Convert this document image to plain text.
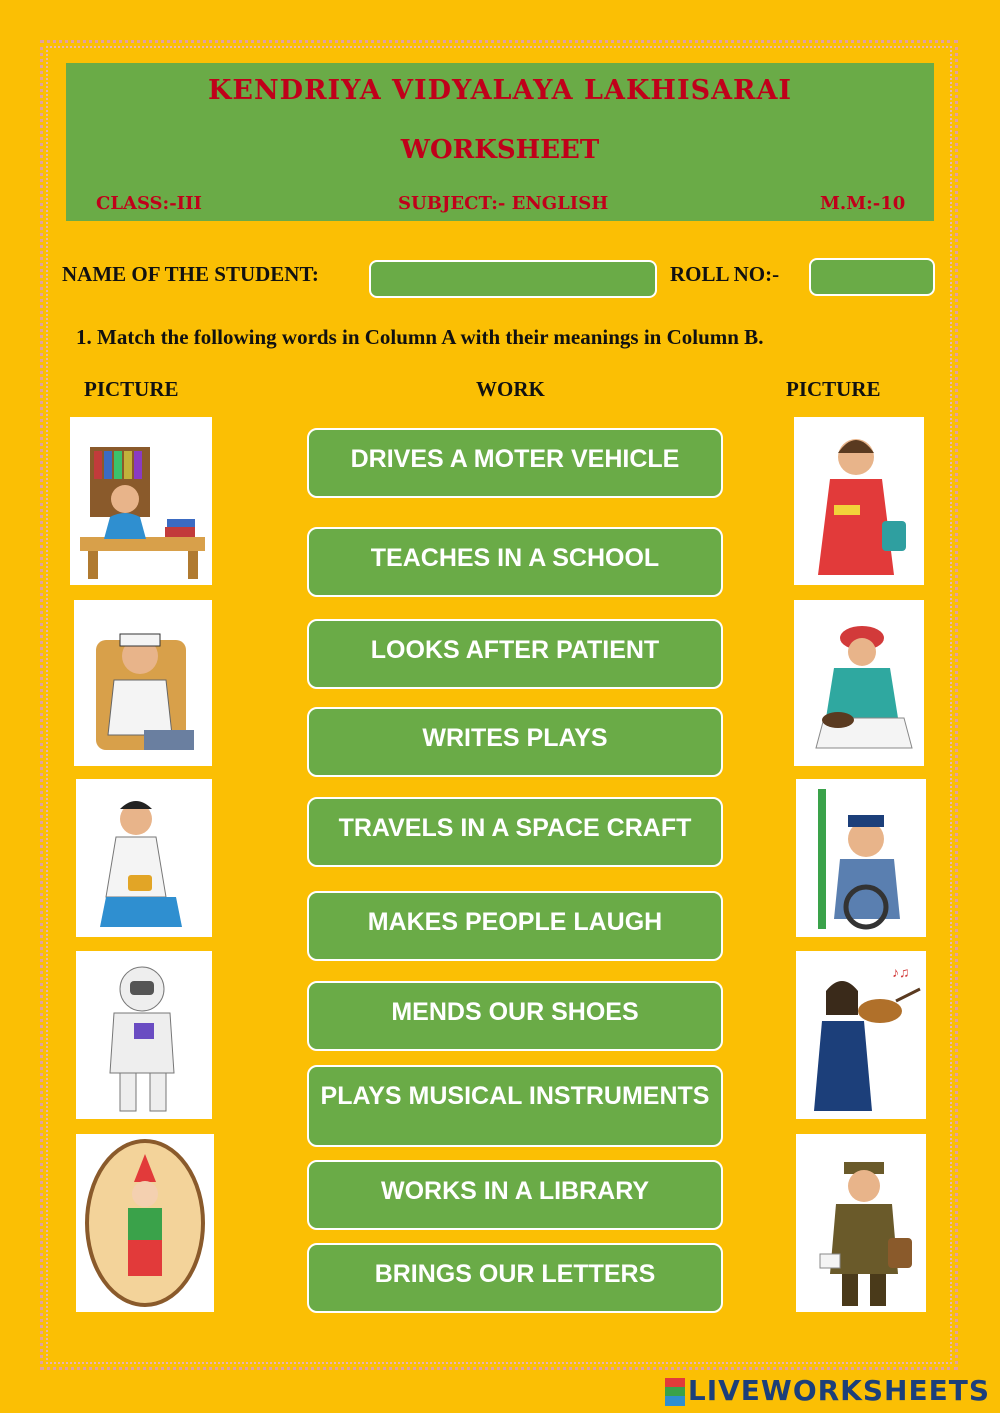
KENDRIYA VIDYALAYA LAKHISARAI
WORKSHEET
CLASS:-III	SUBJECT:- ENGLISH	M.M:-10
NAME OF THE STUDENT:	ROLL NO:-
1. Match the following words in Column A with their meanings in Column B.
PICTURE	WORK	PICTURE
DRIVES A MOTER VEHICLE
TEACHES IN A SCHOOL
LOOKS AFTER PATIENT
WRITES PLAYS
TRAVELS IN A SPACE CRAFT
MAKES PEOPLE LAUGH
MENDS OUR SHOES
PLAYS MUSICAL INSTRUMENTS
WORKS IN A LIBRARY
BRINGS OUR LETTERS
♪♫
LIVEWORKSHEETS
